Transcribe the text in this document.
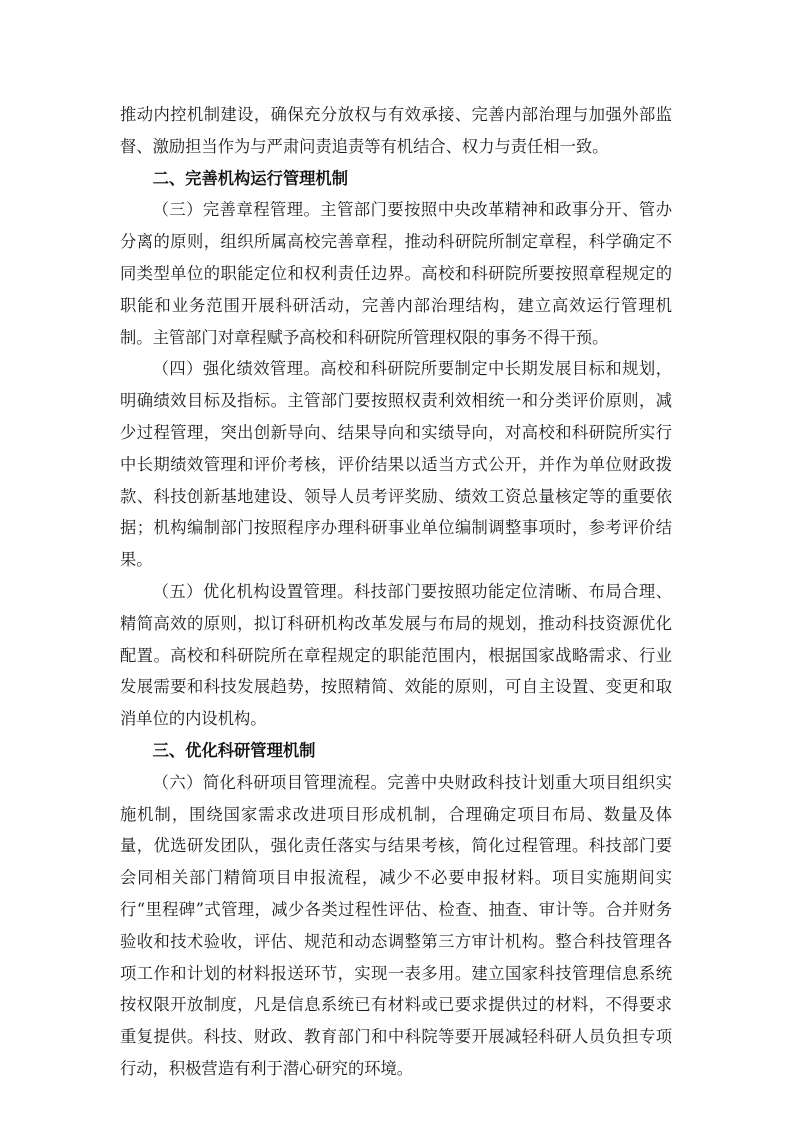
推动内控机制建设，确保充分放权与有效承接、完善内部治理与加强外部监督、激励担当作为与严肃问责追责等有机结合、权力与责任相一致。

二、完善机构运行管理机制

（三）完善章程管理。主管部门要按照中央改革精神和政事分开、管办分离的原则，组织所属高校完善章程，推动科研院所制定章程，科学确定不同类型单位的职能定位和权利责任边界。高校和科研院所要按照章程规定的职能和业务范围开展科研活动，完善内部治理结构，建立高效运行管理机制。主管部门对章程赋予高校和科研院所管理权限的事务不得干预。

（四）强化绩效管理。高校和科研院所要制定中长期发展目标和规划，明确绩效目标及指标。主管部门要按照权责利效相统一和分类评价原则，减少过程管理，突出创新导向、结果导向和实绩导向，对高校和科研院所实行中长期绩效管理和评价考核，评价结果以适当方式公开，并作为单位财政拨款、科技创新基地建设、领导人员考评奖励、绩效工资总量核定等的重要依据；机构编制部门按照程序办理科研事业单位编制调整事项时，参考评价结果。

（五）优化机构设置管理。科技部门要按照功能定位清晰、布局合理、精简高效的原则，拟订科研机构改革发展与布局的规划，推动科技资源优化配置。高校和科研院所在章程规定的职能范围内，根据国家战略需求、行业发展需要和科技发展趋势，按照精简、效能的原则，可自主设置、变更和取消单位的内设机构。

三、优化科研管理机制

（六）简化科研项目管理流程。完善中央财政科技计划重大项目组织实施机制，围绕国家需求改进项目形成机制，合理确定项目布局、数量及体量，优选研发团队，强化责任落实与结果考核，简化过程管理。科技部门要会同相关部门精简项目申报流程，减少不必要申报材料。项目实施期间实行“里程碑”式管理，减少各类过程性评估、检查、抽查、审计等。合并财务验收和技术验收，评估、规范和动态调整第三方审计机构。整合科技管理各项工作和计划的材料报送环节，实现一表多用。建立国家科技管理信息系统按权限开放制度，凡是信息系统已有材料或已要求提供过的材料，不得要求重复提供。科技、财政、教育部门和中科院等要开展减轻科研人员负担专项行动，积极营造有利于潜心研究的环境。
